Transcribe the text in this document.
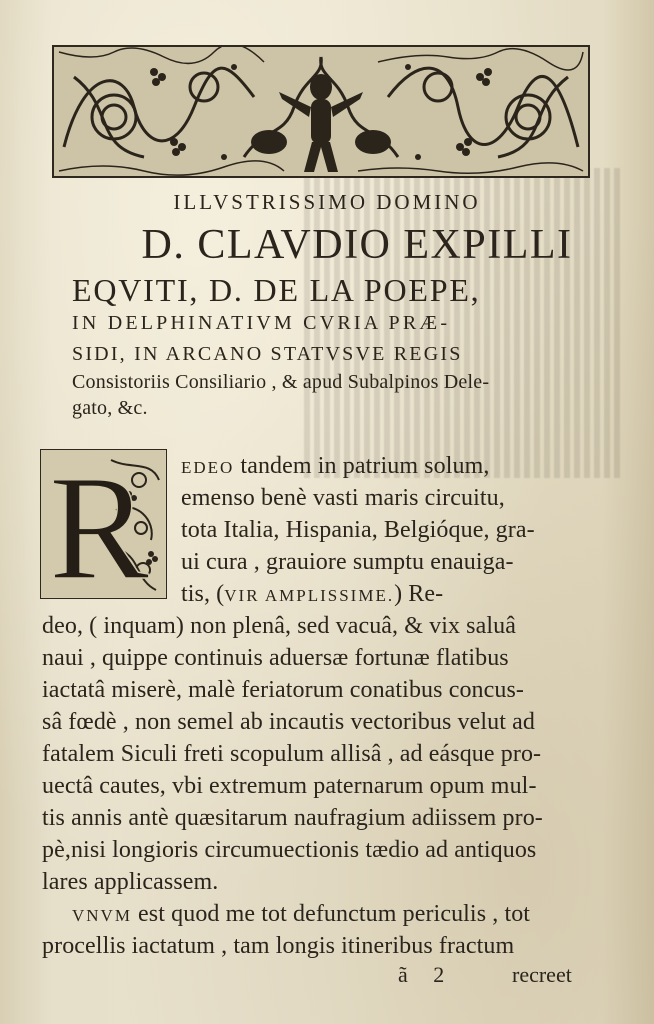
ILLVSTRISSIMO DOMINO
D. CLAVDIO EXPILLI
EQVITI, D. DE LA POEPE,
IN DELPHINATIVM CVRIA PRÆ-
SIDI, IN ARCANO STATVSVE REGIS
Consistoriis Consiliario , & apud Subalpinos Dele-
gato, &c.
R EDEO tandem in patrium solum,
emenso benè vasti maris circuitu,
tota Italia, Hispania, Belgióque, gra-
ui cura , grauiore sumptu enauiga-
tis, (VIR AMPLISSIME.) Re-
deo, ( inquam) non plenâ, sed vacuâ, & vix saluâ
naui , quippe continuis aduersæ fortunæ flatibus
iactatâ miserè, malè feriatorum conatibus concus-
sâ fœdè , non semel ab incautis vectoribus velut ad
fatalem Siculi freti scopulum allisâ , ad eásque pro-
uectâ cautes, vbi extremum paternarum opum mul-
tis annis antè quæsitarum naufragium adiissem pro-
pè,nisi longioris circumuectionis tædio ad antiquos
lares applicassem.
VNVM est quod me tot defunctum periculis , tot
procellis iactatum , tam longis itineribus fractum
ã 2	recreet
